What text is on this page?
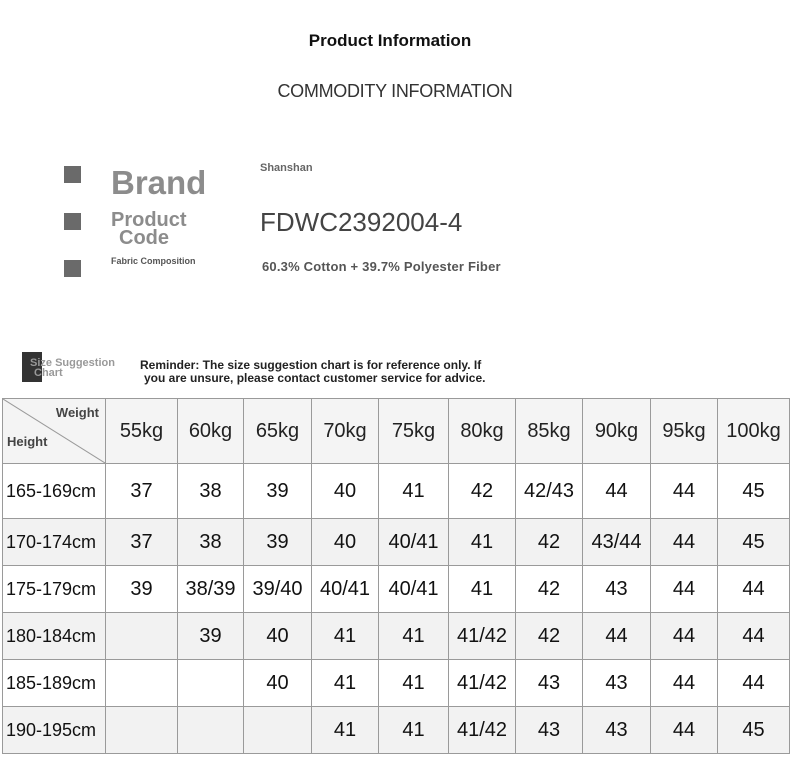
Product Information
COMMODITY INFORMATION
Brand	Shanshan
Product
Code
FDWC2392004-4
Fabric Composition	60.3% Cotton + 39.7% Polyester Fiber
Size Suggestion
Chart
Reminder: The size suggestion chart is for reference only. If
you are unsure, please contact customer service for advice.
Weight
Height	55kg	60kg	65kg	70kg	75kg	80kg	85kg	90kg	95kg	100kg
165-169cm	37	38	39	40	41	42	42/43	44	44	45
170-174cm	37	38	39	40	40/41	41	42	43/44	44	45
175-179cm	39	38/39	39/40	40/41	40/41	41	42	43	44	44
180-184cm		39	40	41	41	41/42	42	44	44	44
185-189cm			40	41	41	41/42	43	43	44	44
190-195cm				41	41	41/42	43	43	44	45
